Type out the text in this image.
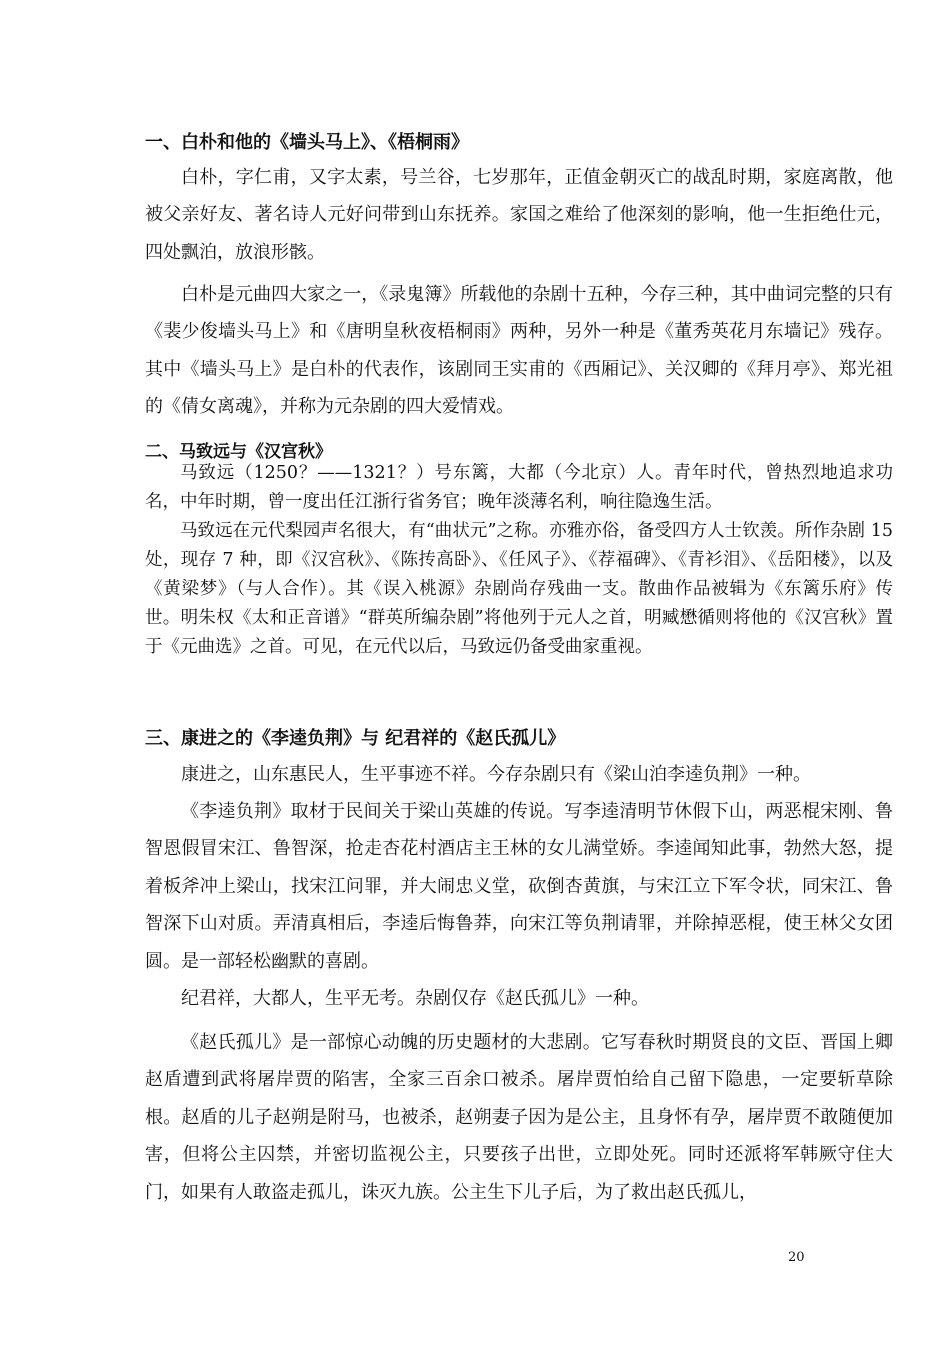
一、白朴和他的《墙头马上》、《梧桐雨》

白朴，字仁甫，又字太素，号兰谷，七岁那年，正值金朝灭亡的战乱时期，家庭离散，他被父亲好友、著名诗人元好问带到山东抚养。家国之难给了他深刻的影响，他一生拒绝仕元，四处飘泊，放浪形骸。

白朴是元曲四大家之一，《录鬼簿》所载他的杂剧十五种，今存三种，其中曲词完整的只有《裴少俊墙头马上》和《唐明皇秋夜梧桐雨》两种，另外一种是《董秀英花月东墙记》残存。其中《墙头马上》是白朴的代表作，该剧同王实甫的《西厢记》、关汉卿的《拜月亭》、郑光祖的《倩女离魂》，并称为元杂剧的四大爱情戏。

二、马致远与《汉宫秋》

马致远（1250？——1321？）号东篱，大都（今北京）人。青年时代，曾热烈地追求功名，中年时期，曾一度出任江浙行省务官；晚年淡薄名利，响往隐逸生活。

马致远在元代梨园声名很大，有“曲状元”之称。亦雅亦俗，备受四方人士钦羡。所作杂剧 15 处，现存 7 种，即《汉宫秋》、《陈抟高卧》、《任风子》、《荐福碑》、《青衫泪》、《岳阳楼》，以及《黄梁梦》（与人合作）。其《误入桃源》杂剧尚存残曲一支。散曲作品被辑为《东篱乐府》传世。明朱权《太和正音谱》“群英所编杂剧”将他列于元人之首，明臧懋循则将他的《汉宫秋》置于《元曲选》之首。可见，在元代以后，马致远仍备受曲家重视。

三、康进之的《李逵负荆》与 纪君祥的《赵氏孤儿》

康进之，山东惠民人，生平事迹不祥。今存杂剧只有《梁山泊李逵负荆》一种。

《李逵负荆》取材于民间关于梁山英雄的传说。写李逵清明节休假下山，两恶棍宋刚、鲁智恩假冒宋江、鲁智深，抢走杏花村酒店主王林的女儿满堂娇。李逵闻知此事，勃然大怒，提着板斧冲上梁山，找宋江问罪，并大闹忠义堂，砍倒杏黄旗，与宋江立下军令状，同宋江、鲁智深下山对质。弄清真相后，李逵后悔鲁莽，向宋江等负荆请罪，并除掉恶棍，使王林父女团圆。是一部轻松幽默的喜剧。

纪君祥，大都人，生平无考。杂剧仅存《赵氏孤儿》一种。

《赵氏孤儿》是一部惊心动魄的历史题材的大悲剧。它写春秋时期贤良的文臣、晋国上卿赵盾遭到武将屠岸贾的陷害，全家三百余口被杀。屠岸贾怕给自己留下隐患，一定要斩草除根。赵盾的儿子赵朔是附马，也被杀，赵朔妻子因为是公主，且身怀有孕，屠岸贾不敢随便加害，但将公主囚禁，并密切监视公主，只要孩子出世，立即处死。同时还派将军韩厥守住大门，如果有人敢盗走孤儿，诛灭九族。公主生下儿子后，为了救出赵氏孤儿，

20
